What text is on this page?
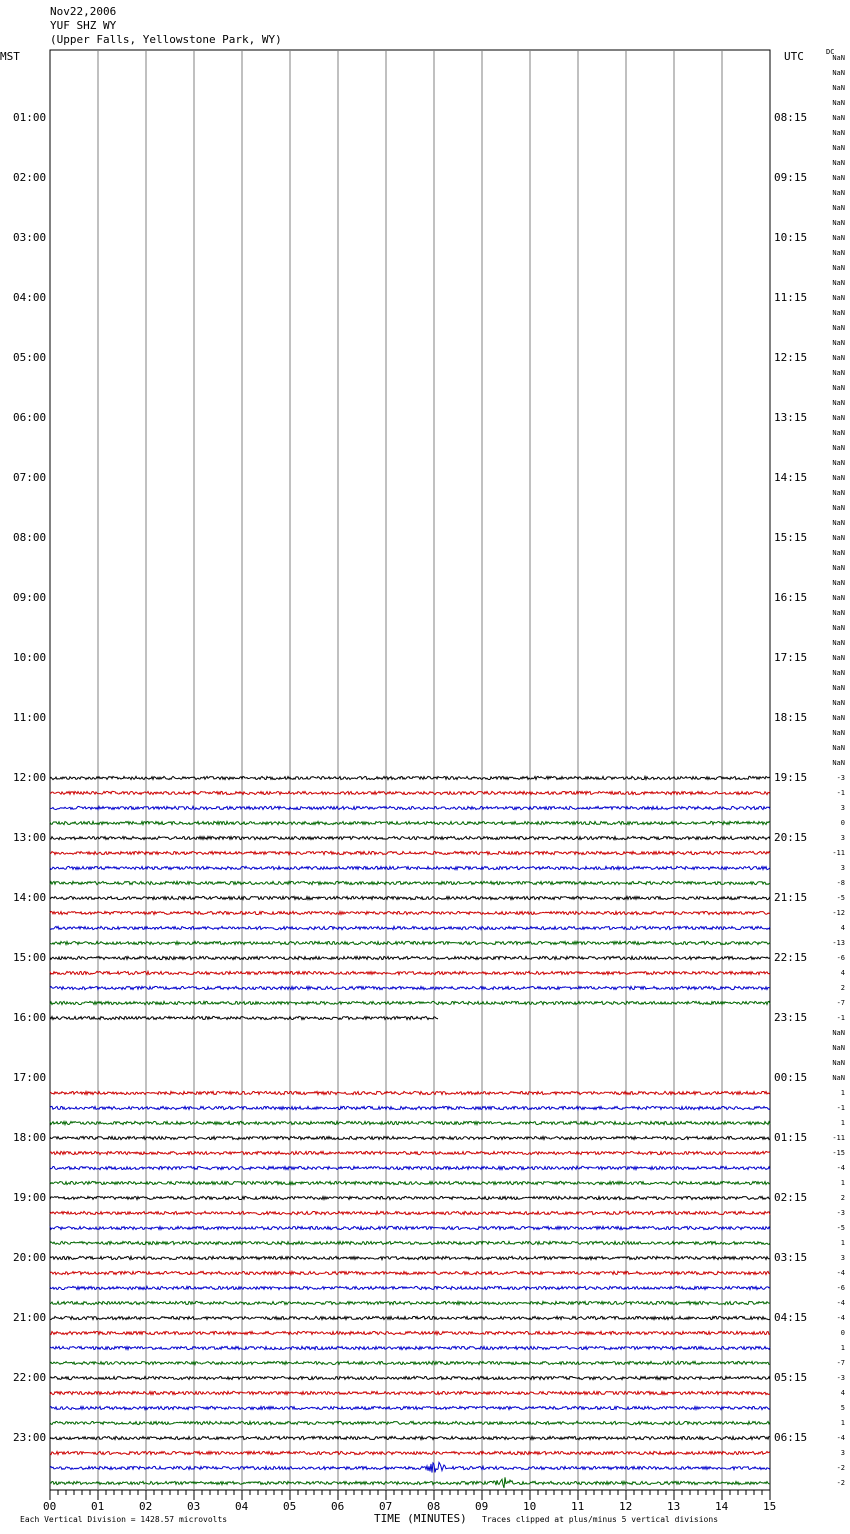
Nov22,2006
YUF SHZ WY
(Upper Falls, Yellowstone Park, WY)
MST	UTC	DC
00	01	02	03	04	05	06	07	08	09	10	11	12	13	14	15
01:00	08:15
02:00	09:15
03:00	10:15
04:00	11:15
05:00	12:15
06:00	13:15
07:00	14:15
08:00	15:15
09:00	16:15
10:00	17:15
11:00	18:15
12:00	19:15
13:00	20:15
14:00	21:15
15:00	22:15
16:00	23:15
17:00	00:15
18:00	01:15
19:00	02:15
20:00	03:15
21:00	04:15
22:00	05:15
23:00	06:15
NaN
NaN
NaN
NaN
NaN
NaN
NaN
NaN
NaN
NaN
NaN
NaN
NaN
NaN
NaN
NaN
NaN
NaN
NaN
NaN
NaN
NaN
NaN
NaN
NaN
NaN
NaN
NaN
NaN
NaN
NaN
NaN
NaN
NaN
NaN
NaN
NaN
NaN
NaN
NaN
NaN
NaN
NaN
NaN
NaN
NaN
NaN
NaN
-3
-1
3
0
3
-11
3
-8
-5
-12
4
-13
-6
4
2
-7
-1
NaN
NaN
NaN
NaN
1
-1
1
-11
-15
-4
1
2
-3
-5
1
3
-4
-6
-4
-4
0
1
-7
-3
4
5
1
-4
3
-2
-2
Each Vertical Division = 1428.57 microvolts	TIME (MINUTES) Traces clipped at plus/minus 5 vertical divisions
